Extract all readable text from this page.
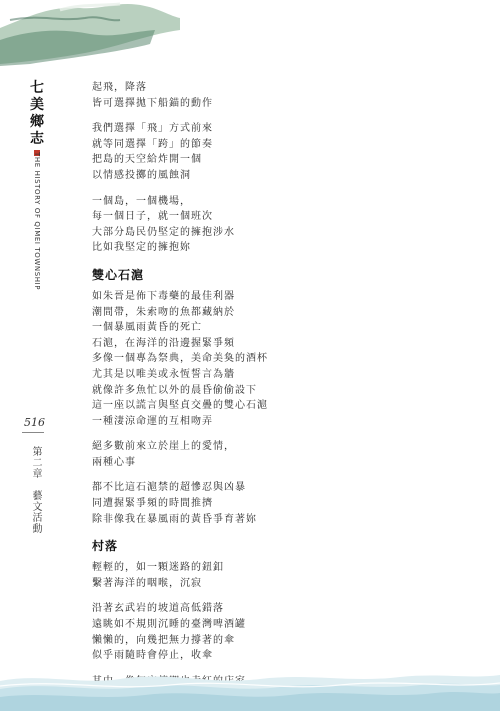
七
美
鄉
志
THE HISTORY OF QIMEI TOWNSHIP
516
第二章　藝文活動
起飛，降落
皆可選擇拋下船錨的動作
我們選擇「飛」方式前來
就等同選擇「跨」的節奏
把島的天空給炸開一個
以情感投擲的風蝕洞
一個島，一個機場，
每一個日子，就一個班次
大部分島民仍堅定的擁抱涉水
比如我堅定的擁抱妳
雙心石滬
如朱晉是佈下毒藥的最佳利器
潮間帶，朱索吻的魚都藏納於
一個暴風雨黃昏的死亡
石滬，在海洋的沿邊握緊爭頻
多像一個專為祭典，美命美奐的酒杯
尤其是以唯美或永恆誓言為牆
就像許多魚忙以外的晨昏偷偷設下
這一座以謊言與堅貞交疊的雙心石滬
一種淒涼命運的互相吻弄
絕多數前來立於崖上的愛情，
兩種心事
都不比這石滬禁的超慘忍與凶暴
同遭握緊爭頻的時間推擠
除非像我在暴風雨的黃昏爭育著妳
村落
輕輕的，如一顆迷路的鈕釦
繫著海洋的咽喉，沉寂
沿著玄武岩的坡道高低錯落
遠眺如不規則沉睡的臺灣啤酒罐
懶懶的，向幾把無力撐著的傘
似乎雨隨時會停止，收傘
